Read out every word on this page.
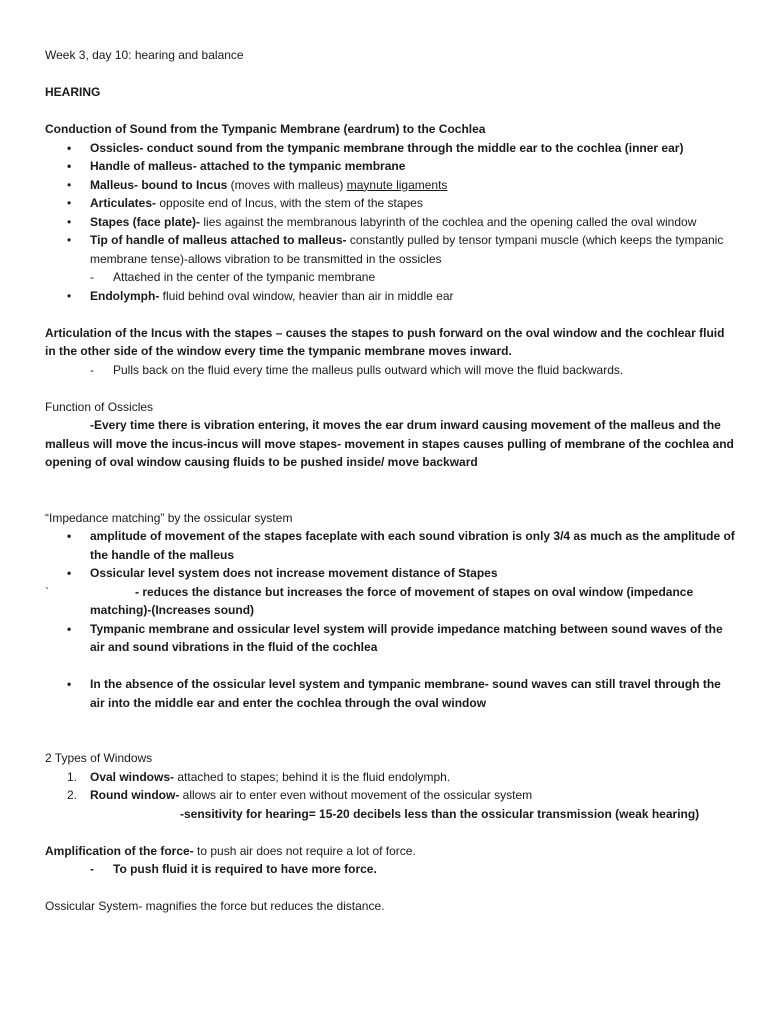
Week 3, day 10: hearing and balance

HEARING

Conduction of Sound from the Tympanic Membrane (eardrum) to the Cochlea

• Ossicles- conduct sound from the tympanic membrane through the middle ear to the cochlea (inner ear)
• Handle of malleus- attached to the tympanic membrane
• Malleus- bound to Incus (moves with malleus) maynute ligaments
• Articulates- opposite end of Incus, with the stem of the stapes
• Stapes (face plate)- lies against the membranous labyrinth of the cochlea and the opening called the oval window
• Tip of handle of malleus attached to malleus- constantly pulled by tensor tympani muscle (which keeps the tympanic membrane tense)-allows vibration to be transmitted in the ossicles
- - Attached in the center of the tympanic membrane
• Endolymph- fluid behind oval window, heavier than air in middle ear

Articulation of the Incus with the stapes – causes the stapes to push forward on the oval window and the cochlear fluid in the other side of the window every time the tympanic membrane moves inward.

- Pulls back on the fluid every time the malleus pulls outward which will move the fluid backwards.

Function of Ossicles

-Every time there is vibration entering, it moves the ear drum inward causing movement of the malleus and the malleus will move the incus-incus will move stapes- movement in stapes causes pulling of membrane of the cochlea and opening of oval window causing fluids to be pushed inside/ move backward

“Impedance matching” by the ossicular system

• amplitude of movement of the stapes faceplate with each sound vibration is only 3/4 as much as the amplitude of the handle of the malleus
• Ossicular level system does not increase movement distance of Stapes
`	- reduces the distance but increases the force of movement of stapes on oval window (impedance matching)-(Increases sound)
• Tympanic membrane and ossicular level system will provide impedance matching between sound waves of the air and sound vibrations in the fluid of the cochlea
• In the absence of the ossicular level system and tympanic membrane- sound waves can still travel through the air into the middle ear and enter the cochlea through the oval window

2 Types of Windows

1. Oval windows- attached to stapes; behind it is the fluid endolymph.
2. Round window- allows air to enter even without movement of the ossicular system
-sensitivity for hearing= 15-20 decibels less than the ossicular transmission (weak hearing)

Amplification of the force- to push air does not require a lot of force.

- To push fluid it is required to have more force.

Ossicular System- magnifies the force but reduces the distance.
